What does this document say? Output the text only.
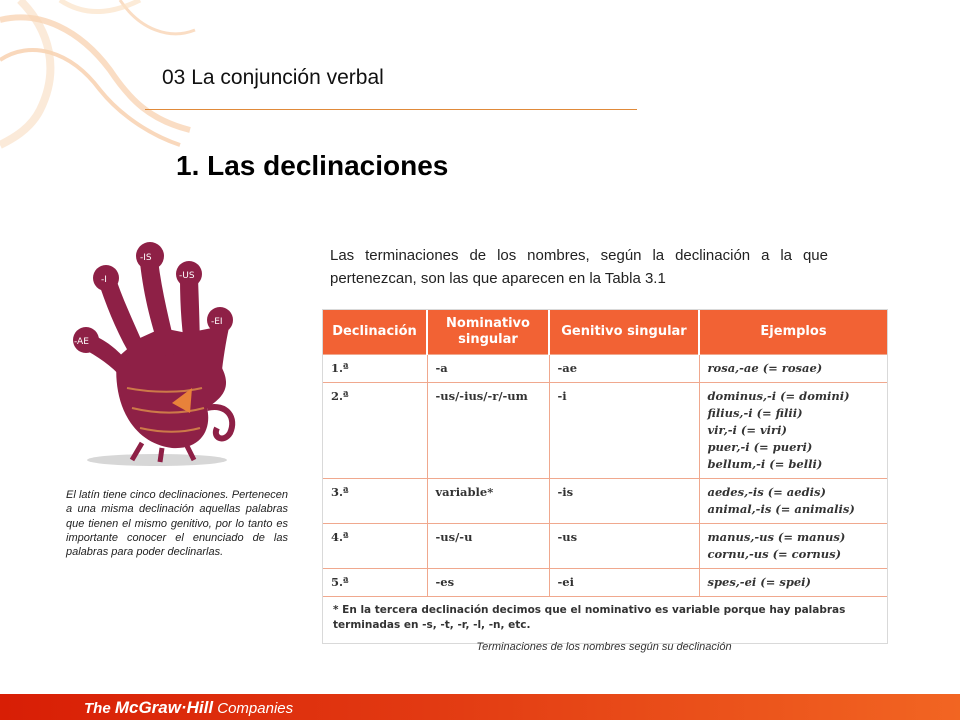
03 La conjunción verbal
1. Las declinaciones
-AE
-I
-IS
-US
-EI
El latín tiene cinco declinaciones. Pertenecen a una misma declinación aquellas palabras que tienen el mismo genitivo, por lo tanto es importante conocer el enunciado de las palabras para poder declinarlas.
Las terminaciones de los nombres, según la declinación a la que pertenezcan, son las que aparecen en la Tabla 3.1
Declinación	Nominativo singular	Genitivo singular	Ejemplos
1.ª	-a	-ae	rosa,-ae (= rosae)

2.ª	-us/-ius/-r/-um	-i	dominus,-i (= domini)
filius,-i (= filii)
vir,-i (= viri)
puer,-i (= pueri)
bellum,-i (= belli)

3.ª	variable*	-is	aedes,-is (= aedis)
animal,-is (= animalis)

4.ª	-us/-u	-us	manus,-us (= manus)
cornu,-us (= cornus)

5.ª	-es	-ei	spes,-ei (= spei)

* En la tercera declinación decimos que el nominativo es variable porque hay palabras terminadas en -s, -t, -r, -l, -n, etc.			
Terminaciones de los nombres según su declinación
The McGraw·Hill Companies
